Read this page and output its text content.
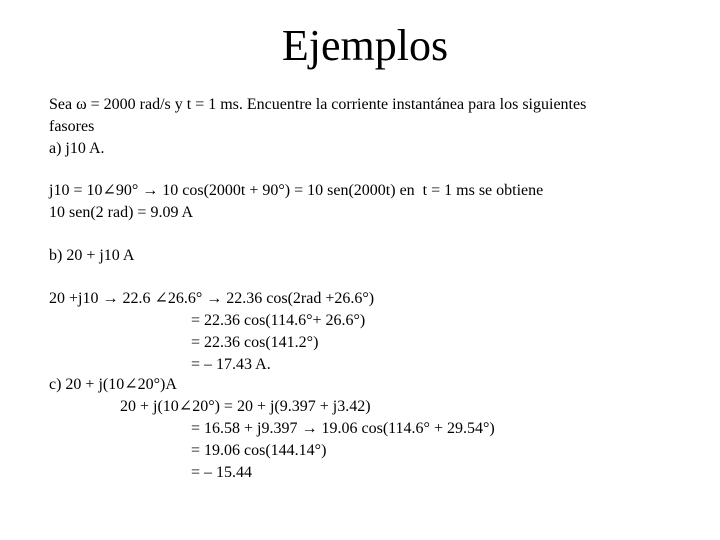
Ejemplos
Sea ω = 2000 rad/s y t = 1 ms. Encuentre la corriente instantánea para los siguientes
fasores
a) j10 A.
j10 = 10∠90° → 10 cos(2000t + 90°) = 10 sen(2000t) en  t = 1 ms se obtiene
10 sen(2 rad) = 9.09 A
b) 20 + j10 A
20 +j10 → 22.6 ∠26.6° → 22.36 cos(2rad +26.6°)
= 22.36 cos(114.6°+ 26.6°)
= 22.36 cos(141.2°)
= – 17.43 A.
c) 20 + j(10∠20°)A
20 + j(10∠20°) = 20 + j(9.397 + j3.42)
= 16.58 + j9.397 → 19.06 cos(114.6° + 29.54°)
= 19.06 cos(144.14°)
= – 15.44
